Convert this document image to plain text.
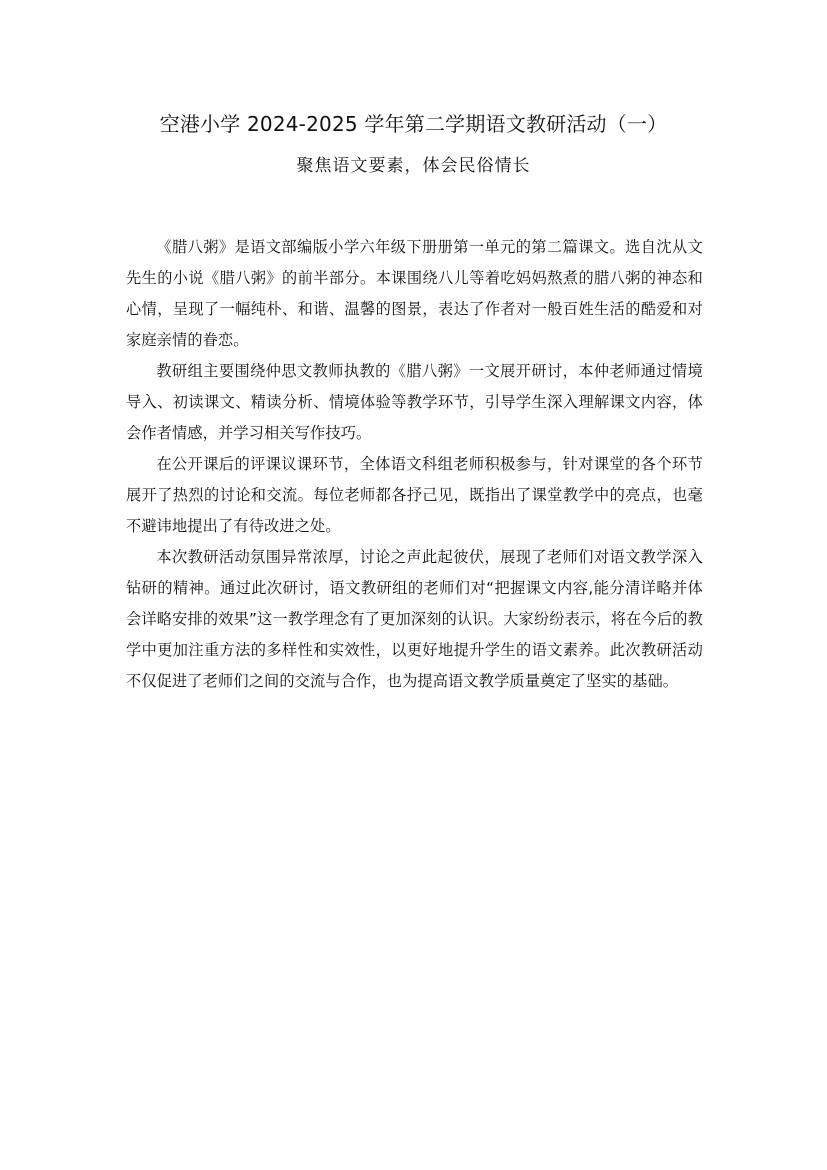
空港小学 2024-2025 学年第二学期语文教研活动（一）
聚焦语文要素，体会民俗情长

《腊八粥》是语文部编版小学六年级下册册第一单元的第二篇课文。选自沈从文先生的小说《腊八粥》的前半部分。本课围绕八儿等着吃妈妈熬煮的腊八粥的神态和心情，呈现了一幅纯朴、和谐、温馨的图景，表达了作者对一般百姓生活的酷爱和对家庭亲情的眷恋。

教研组主要围绕仲思文教师执教的《腊八粥》一文展开研讨，本仲老师通过情境导入、初读课文、精读分析、情境体验等教学环节，引导学生深入理解课文内容，体会作者情感，并学习相关写作技巧。

在公开课后的评课议课环节，全体语文科组老师积极参与，针对课堂的各个环节展开了热烈的讨论和交流。每位老师都各抒己见，既指出了课堂教学中的亮点，也毫不避讳地提出了有待改进之处。

本次教研活动氛围异常浓厚，讨论之声此起彼伏，展现了老师们对语文教学深入钻研的精神。通过此次研讨，语文教研组的老师们对“把握课文内容,能分清详略并体会详略安排的效果”这一教学理念有了更加深刻的认识。大家纷纷表示，将在今后的教学中更加注重方法的多样性和实效性，以更好地提升学生的语文素养。此次教研活动不仅促进了老师们之间的交流与合作，也为提高语文教学质量奠定了坚实的基础。
